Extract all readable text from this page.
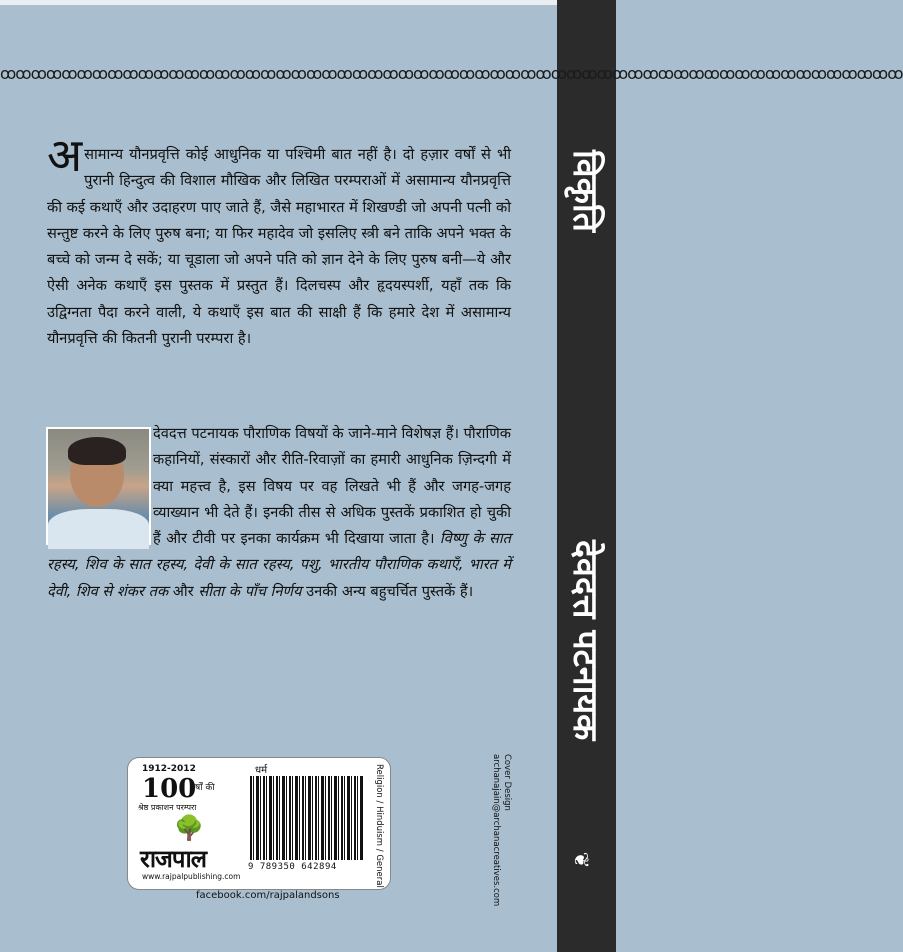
विकृति
देवदत्त पटनायक
❦
ꝏꝏꝏꝏꝏꝏꝏꝏꝏꝏꝏꝏꝏꝏꝏꝏꝏꝏꝏꝏꝏꝏꝏꝏꝏꝏꝏꝏꝏꝏꝏꝏꝏꝏꝏꝏꝏꝏꝏꝏꝏꝏꝏꝏꝏꝏꝏꝏꝏꝏꝏꝏꝏꝏꝏꝏꝏꝏꝏ
असामान्य यौनप्रवृत्ति कोई आधुनिक या पश्चिमी बात नहीं है। दो हज़ार वर्षों से भी पुरानी हिन्दुत्व की विशाल मौखिक और लिखित परम्पराओं में असामान्य यौनप्रवृत्ति की कई कथाएँ और उदाहरण पाए जाते हैं, जैसे महाभारत में शिखण्डी जो अपनी पत्नी को सन्तुष्ट करने के लिए पुरुष बना; या फिर महादेव जो इसलिए स्त्री बने ताकि अपने भक्त के बच्चे को जन्म दे सकें; या चूडाला जो अपने पति को ज्ञान देने के लिए पुरुष बनी—ये और ऐसी अनेक कथाएँ इस पुस्तक में प्रस्तुत हैं। दिलचस्प और हृदयस्पर्शी, यहाँ तक कि उद्विग्नता पैदा करने वाली, ये कथाएँ इस बात की साक्षी हैं कि हमारे देश में असामान्य यौनप्रवृत्ति की कितनी पुरानी परम्परा है।
देवदत्त पटनायक पौराणिक विषयों के जाने-माने विशेषज्ञ हैं। पौराणिक कहानियों, संस्कारों और रीति-रिवाज़ों का हमारी आधुनिक ज़िन्दगी में क्या महत्त्व है, इस विषय पर वह लिखते भी हैं और जगह-जगह व्याख्यान भी देते हैं। इनकी तीस से अधिक पुस्तकें प्रकाशित हो चुकी हैं और टीवी पर इनका कार्यक्रम भी दिखाया जाता है। विष्णु के सात रहस्य, शिव के सात रहस्य, देवी के सात रहस्य, पशु, भारतीय पौराणिक कथाएँ, भारत में देवी, शिव से शंकर तक और सीता के पाँच निर्णय उनकी अन्य बहुचर्चित पुस्तकें हैं।
1912-2012
100
वर्षों की
श्रेष्ठ प्रकाशन परम्परा
🌳
राजपाल
www.rajpalpublishing.com
धर्म
9 789350 642894	Religion / Hinduism / General
facebook.com/rajpalandsons
Cover Design
archanajain@archanacreatives.com
